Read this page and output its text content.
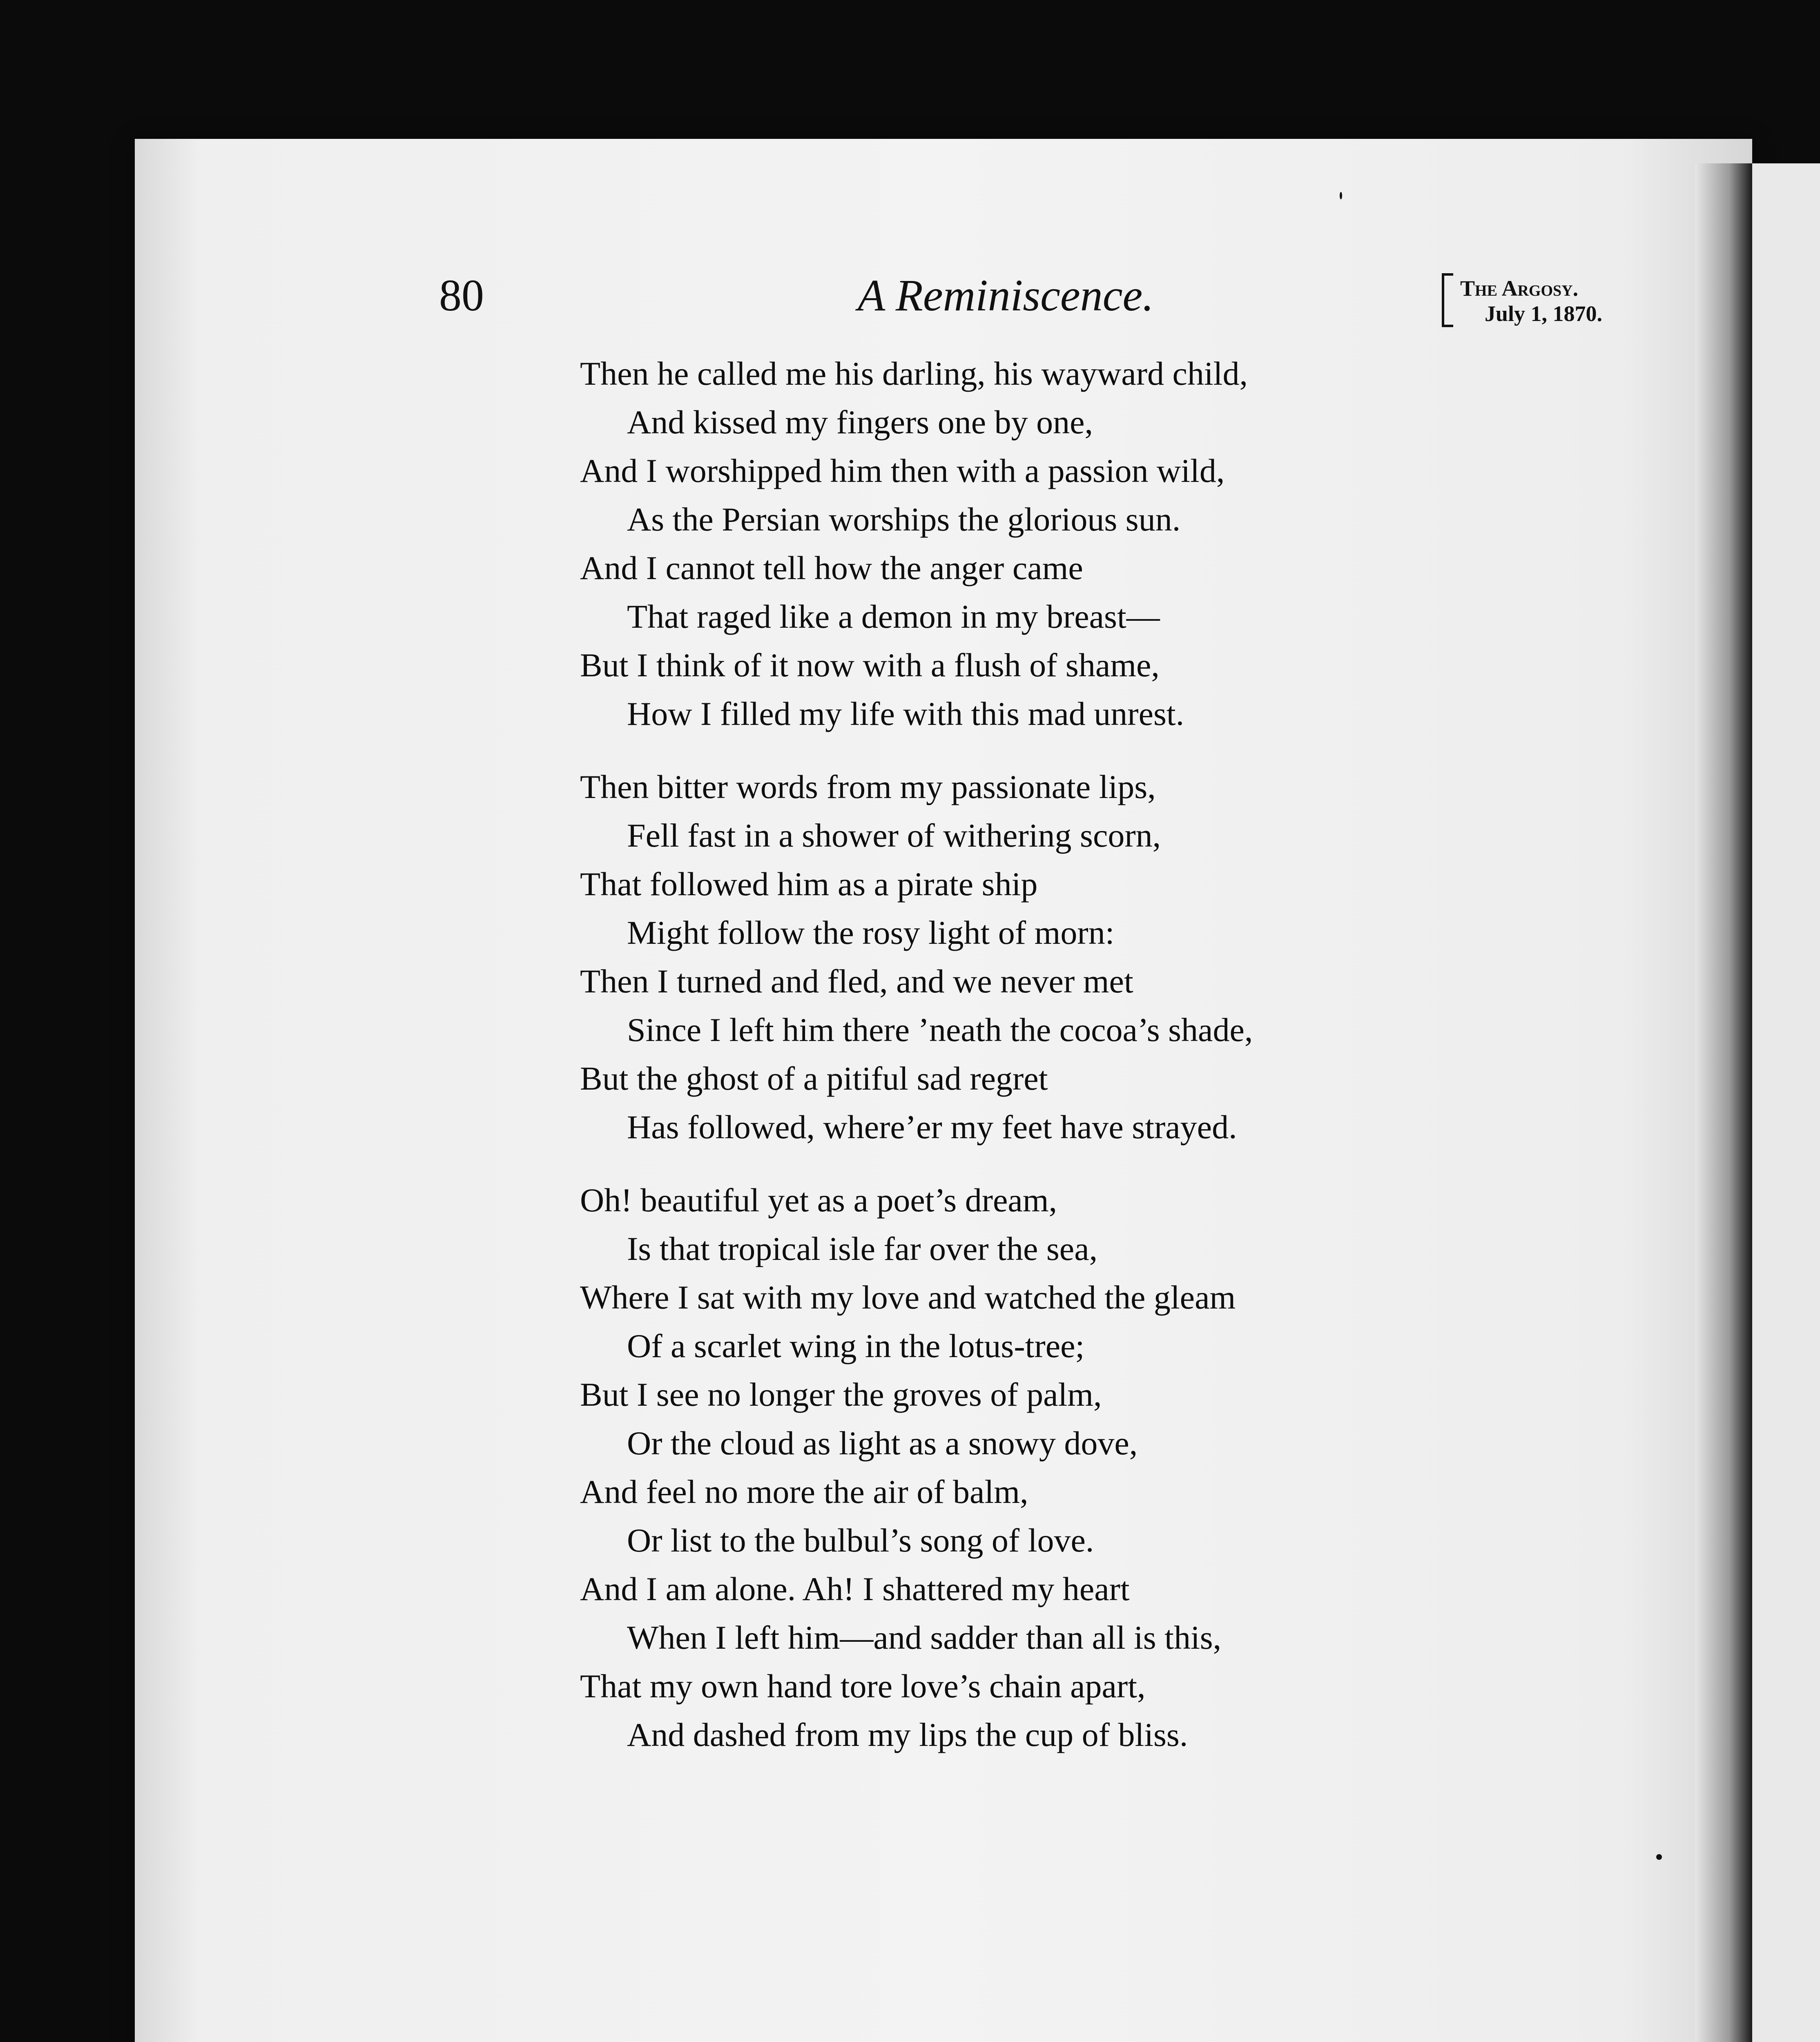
80	A Reminiscence.	The Argosy.
July 1, 1870.
Then he called me his darling, his wayward child,
And kissed my fingers one by one,
And I worshipped him then with a passion wild,
As the Persian worships the glorious sun.
And I cannot tell how the anger came
That raged like a demon in my breast—
But I think of it now with a flush of shame,
How I filled my life with this mad unrest.
Then bitter words from my passionate lips,
Fell fast in a shower of withering scorn,
That followed him as a pirate ship
Might follow the rosy light of morn:
Then I turned and fled, and we never met
Since I left him there ’neath the cocoa’s shade,
But the ghost of a pitiful sad regret
Has followed, where’er my feet have strayed.
Oh! beautiful yet as a poet’s dream,
Is that tropical isle far over the sea,
Where I sat with my love and watched the gleam
Of a scarlet wing in the lotus-tree;
But I see no longer the groves of palm,
Or the cloud as light as a snowy dove,
And feel no more the air of balm,
Or list to the bulbul’s song of love.
And I am alone. Ah! I shattered my heart
When I left him—and sadder than all is this,
That my own hand tore love’s chain apart,
And dashed from my lips the cup of bliss.
